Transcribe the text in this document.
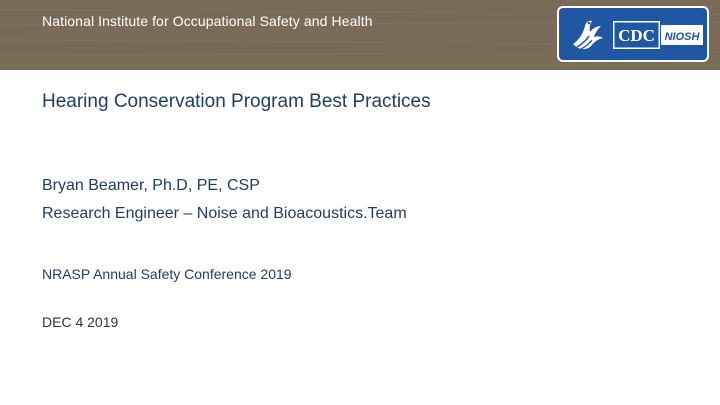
National Institute for Occupational Safety and Health
CDC NIOSH
Hearing Conservation Program Best Practices
Bryan Beamer, Ph.D, PE, CSP
Research Engineer – Noise and Bioacoustics.Team
NRASP Annual Safety Conference 2019
DEC 4 2019
